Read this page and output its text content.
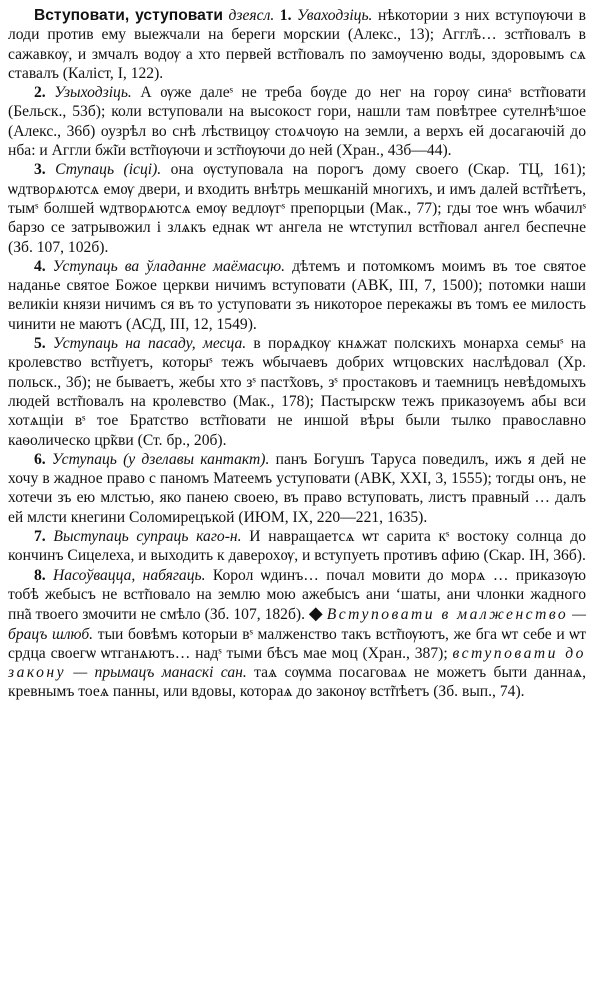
Вступовати, уступовати дзеясл. 1. Уваходзіць. нѣкотории з них вступѹючи в лоди против ему выежчали на береги морскии (Алекс., 13); Аггл̃ъ… зст̃повалъ в сажавкѹ, и змчалъ водѹ а хто первей вст̃повалъ по замѹченю воды, здоровымъ сѧ ставалъ (Каліст, І, 122).

2. Узыходзіць. А ѹже далеˢ не треба бѹде до нег на горѹ синаˢ вст̃повати (Бельск., 53б); коли вступовали на высокост гори, нашли там повѣтрее сутелнѣˢшое (Алекс., 36б) оузрѣл во снѣ лѣствицѹ стоѧчѹю на земли, а верхъ ей досагаючій до нба: и Аггли бж̃іи вст̃пѹючи и зст̃пѹючи до ней (Хран., 43б—44).

3. Ступаць (ісці). она ѹступовала на порогъ дому своего (Скар. ТЦ, 161); ѡдтворѧютсѧ емѹ двери, и входить внѣтрь мешканій многихъ, и имъ далей вст̃пѣетъ, тымˢ болшей ѡдтворѧютсѧ емѹ ведлѹгˢ препорцыи (Мак., 77); гды тое ѡнъ ѡбачилˢ барзо се затрывожил і злѧкъ еднак ѡт ангела не ѡтступил вст̃повал ангел беспечне (Зб. 107, 102б).

4. Уступаць ва ўладанне маёмасцю. дѣтемъ и потомкомъ моимъ въ тое святое наданье святое Божое церкви ничимъ вступовати (АВК, ІІІ, 7, 1500); потомки наши великіи князи ничимъ ся въ то уступовати зъ никоторое перекажы въ томъ ее милость чинити не маютъ (АСД, ІІІ, 12, 1549).

5. Уступаць на пасаду, месца. в порѧдкѹ кнѧжат полскихъ монарха семыˢ на кролевство вст̃пуетъ, которыˢ тежъ ѡбычаевъ добрих ѡтцовских наслѣдовал (Хр. польск., 3б); не бываетъ, жебы хто зˢ паст̃ховъ, зˢ простаковъ и таемницъ невѣдомыхъ людей вст̃повалъ на кролевство (Мак., 178); Пастырскѡ тежъ приказѹемъ абы вси хотѧщіи вˢ тое Братство вст̃повати не иншой вѣры были тылко православно каѳолическо цр̃кви (Ст. бр., 20б).

6. Уступаць (у дзелавы кантакт). панъ Богушъ Таруса поведилъ, ижъ я дей не хочу в жадное право с паномъ Матеемъ уступовати (АВК, ХХІ, 3, 1555); тогды онъ, не хотечи зъ ею млстью, яко панею своею, въ право вступовать, листъ правный … далъ ей млсти кнегини Соломирецъкой (ИЮМ, IX, 220—221, 1635).

7. Выступаць супраць каго-н. И навращаетсѧ ѡт сарита кˢ востоку солнца до кончинъ Сицелеха, и выходить к даверохѹ, и вступуеть противъ ɑфию (Скар. ІН, 36б).

8. Насоўвацца, набягаць. Корол ѡдинъ… почал мовити до морѧ … приказѹю тобѣ жебысъ не вст̃повало на землю мою ажебысъ ани ‘шаты, ани члонки жадного пн̃а твоего змочити не смѣло (Зб. 107, 182б). ◆ Вступовати в малженство — брацъ шлюб. тыи бовѣмъ которыи вˢ малженство такъ вст̃пѹютъ, же бга ѡт себе и ѡт срдца своегѡ ѡтганѧютъ… надˢ тыми бѣсъ мае моц (Хран., 387); вступовати до закону — прымацъ манаскі сан. таѧ сѹмма посаговаѧ не можетъ быти даннаѧ, кревнымъ тоеѧ панны, или вдовы, котораѧ до законѹ вст̃пѣетъ (Зб. вып., 74).
